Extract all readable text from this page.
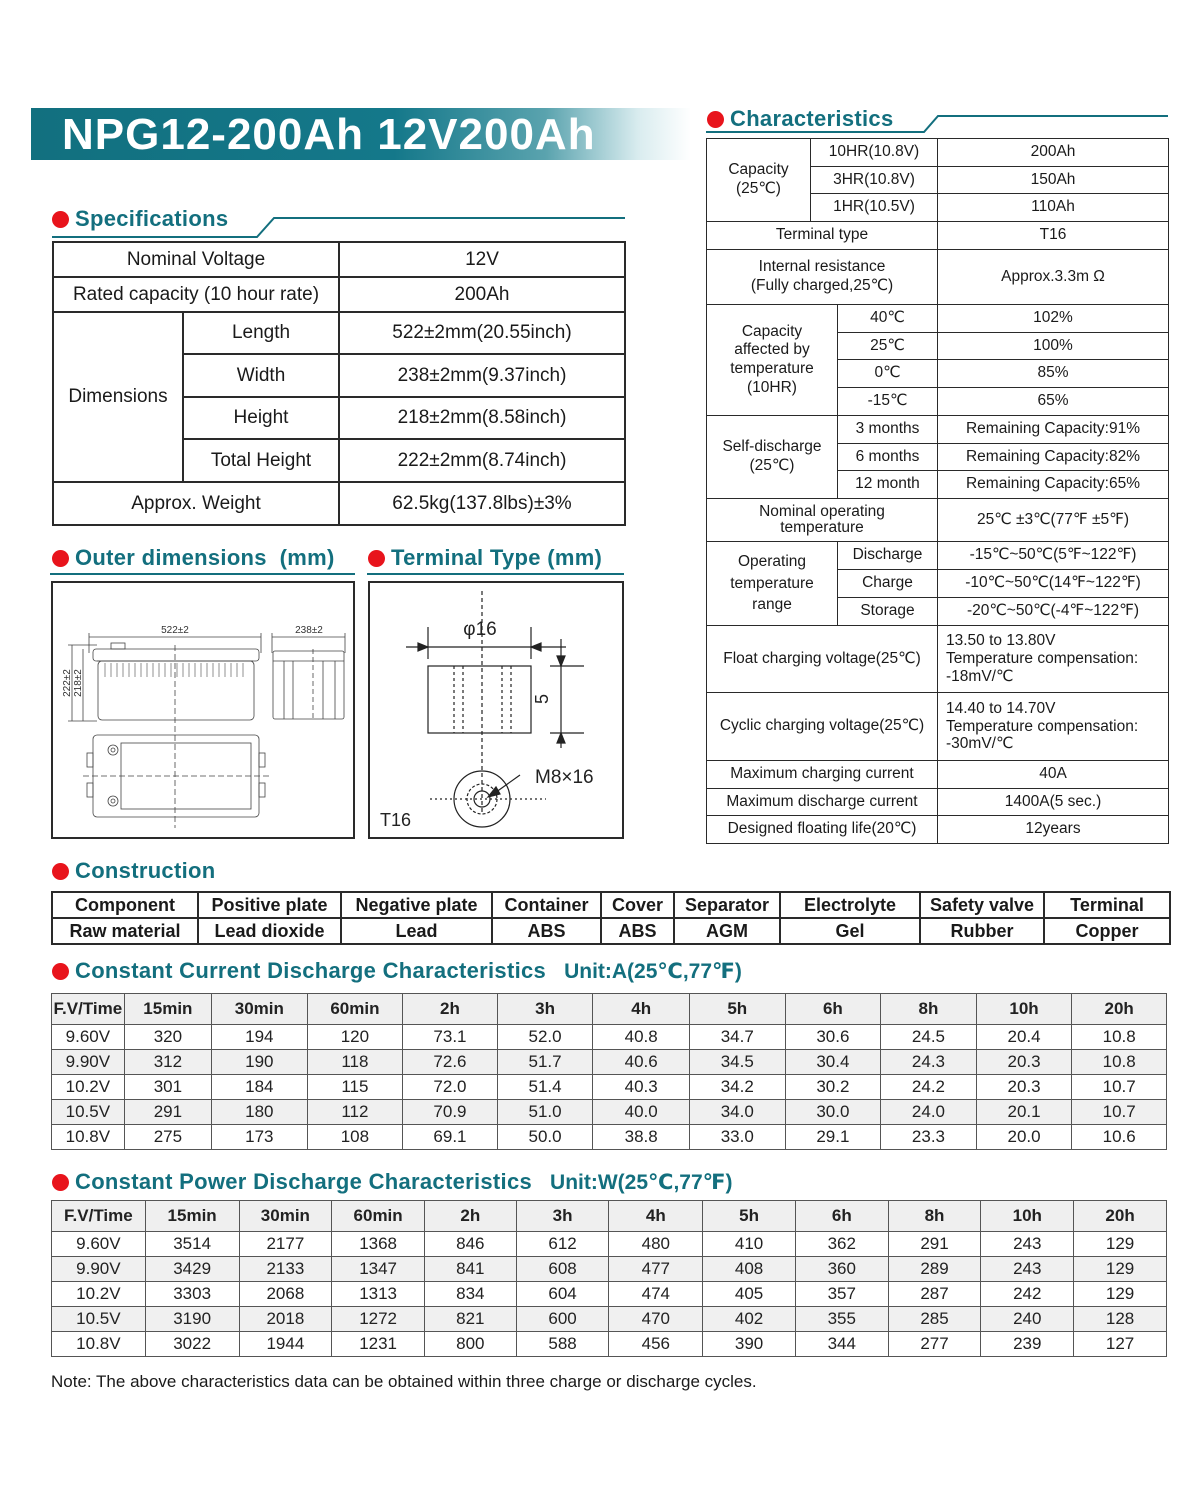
NPG12-200Ah 12V200Ah
Specifications
Nominal Voltage		12V
Rated capacity (10 hour rate)		200Ah
Dimensions	Length	522±2mm(20.55inch)
	Width	238±2mm(9.37inch)
	Height	218±2mm(8.58inch)
	Total Height	222±2mm(8.74inch)
Approx. Weight		62.5kg(137.8lbs)±3%
Outer dimensions  (mm)	Terminal Type (mm)
522±2	238±2
222±2 218±2
φ16
5
M8×16
T16
Characteristics
Capacity
(25℃)	10HR(10.8V)		200Ah
	3HR(10.8V)		150Ah
	1HR(10.5V)		110Ah
Terminal type			T16
Internal resistance
(Fully charged,25℃)			Approx.3.3m Ω
Capacity
affected by
temperature
(10HR)		40℃	102%
		25℃	100%
		0℃	85%
		-15℃	65%
Self-discharge
(25℃)		3 months	Remaining Capacity:91%
		6 months	Remaining Capacity:82%
		12 month	Remaining Capacity:65%
Nominal operating
temperature			25℃ ±3℃(77℉ ±5℉)
Operating
temperature
range		Discharge	-15℃~50℃(5℉~122℉)
		Charge	-10℃~50℃(14℉~122℉)
		Storage	-20℃~50℃(-4℉~122℉)
Float charging voltage(25℃)			13.50 to 13.80V
Temperature compensation:
-18mV/℃
Cyclic charging voltage(25℃)			14.40 to 14.70V
Temperature compensation:
-30mV/℃
Maximum charging current			40A
Maximum discharge current			1400A(5 sec.)
Designed floating life(20℃)			12years
Construction
Component	Positive plate	Negative plate	Container	Cover	Separator	Electrolyte	Safety valve	Terminal
Raw material	Lead dioxide	Lead	ABS	ABS	AGM	Gel	Rubber	Copper
Constant Current Discharge Characteristics Unit:A(25℃,77℉)
F.V/Time	15min	30min	60min	2h	3h	4h	5h	6h	8h	10h	20h
9.60V	320	194	120	73.1	52.0	40.8	34.7	30.6	24.5	20.4	10.8
9.90V	312	190	118	72.6	51.7	40.6	34.5	30.4	24.3	20.3	10.8
10.2V	301	184	115	72.0	51.4	40.3	34.2	30.2	24.2	20.3	10.7
10.5V	291	180	112	70.9	51.0	40.0	34.0	30.0	24.0	20.1	10.7
10.8V	275	173	108	69.1	50.0	38.8	33.0	29.1	23.3	20.0	10.6
Constant Power Discharge Characteristics Unit:W(25℃,77℉)
F.V/Time	15min	30min	60min	2h	3h	4h	5h	6h	8h	10h	20h
9.60V	3514	2177	1368	846	612	480	410	362	291	243	129
9.90V	3429	2133	1347	841	608	477	408	360	289	243	129
10.2V	3303	2068	1313	834	604	474	405	357	287	242	129
10.5V	3190	2018	1272	821	600	470	402	355	285	240	128
10.8V	3022	1944	1231	800	588	456	390	344	277	239	127
Note: The above characteristics data can be obtained within three charge or discharge cycles.
